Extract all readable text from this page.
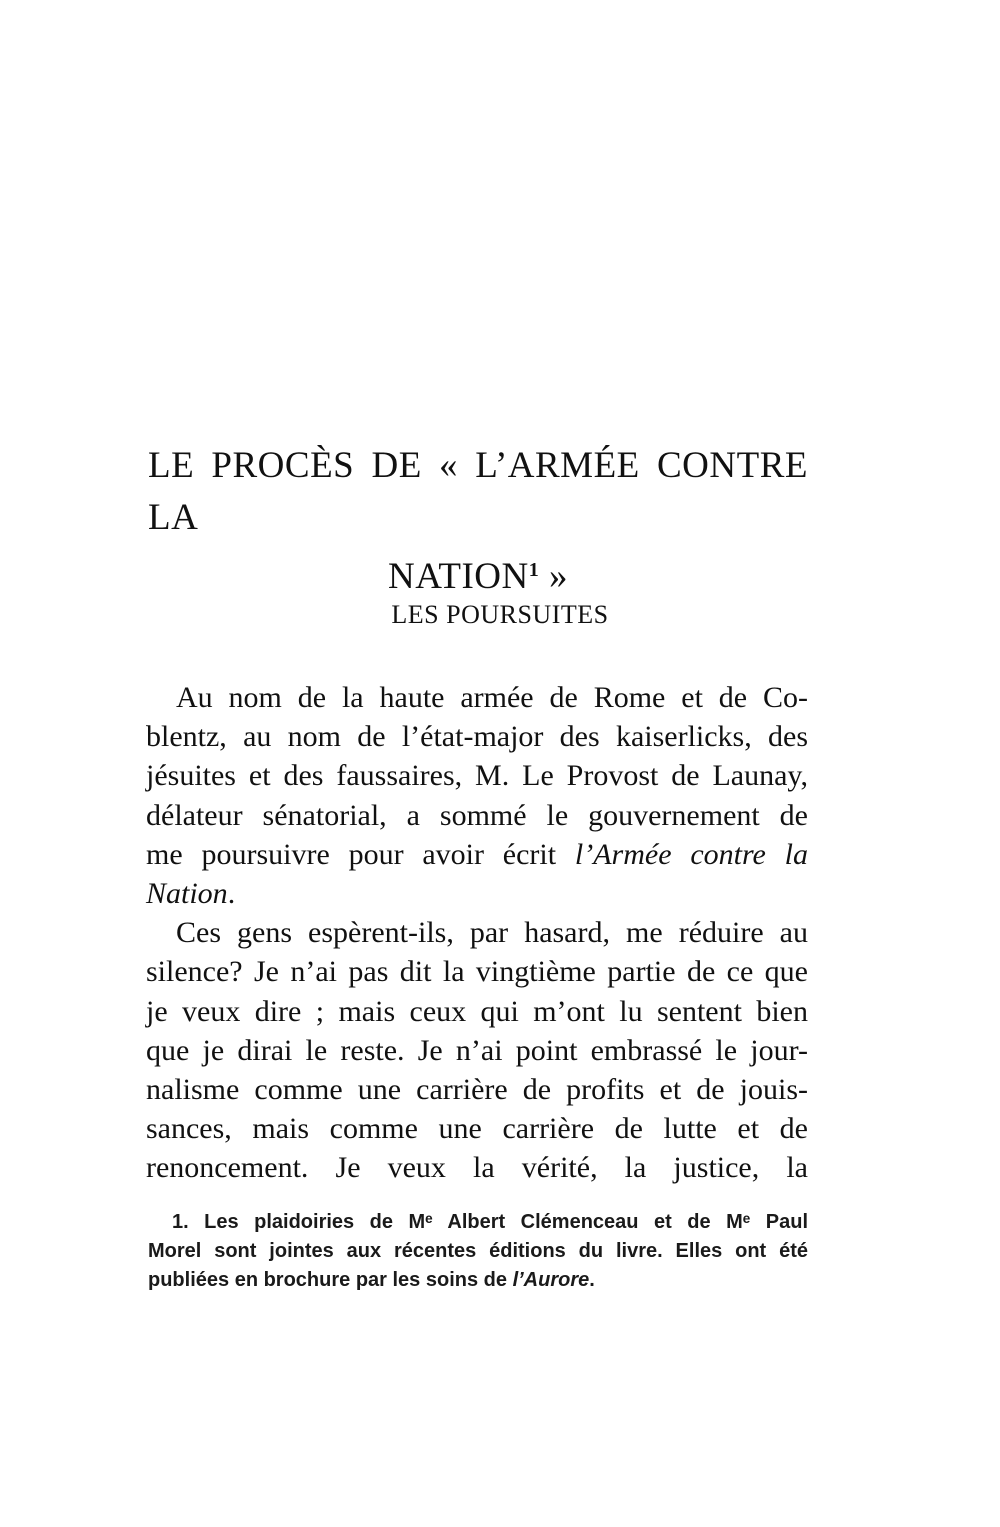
LE PROCÈS DE « L’ARMÉE CONTRE LA
NATION$^1$ »
LES POURSUITES
Au nom de la haute armée de Rome et de Co-
blentz, au nom de l’état-major des kaiserlicks, des
jésuites et des faussaires, M. Le Provost de Launay,
délateur sénatorial, a sommé le gouvernement de
me poursuivre pour avoir écrit l’Armée contre la
Nation.
Ces gens espèrent-ils, par hasard, me réduire au
silence? Je n’ai pas dit la vingtième partie de ce que
je veux dire ; mais ceux qui m’ont lu sentent bien
que je dirai le reste. Je n’ai point embrassé le jour-
nalisme comme une carrière de profits et de jouis-
sances, mais comme une carrière de lutte et de
renoncement. Je veux la vérité, la justice, la
1. Les plaidoiries de Mᵉ Albert Clémenceau et de Mᵉ Paul
Morel sont jointes aux récentes éditions du livre. Elles ont été
publiées en brochure par les soins de l’Aurore.
